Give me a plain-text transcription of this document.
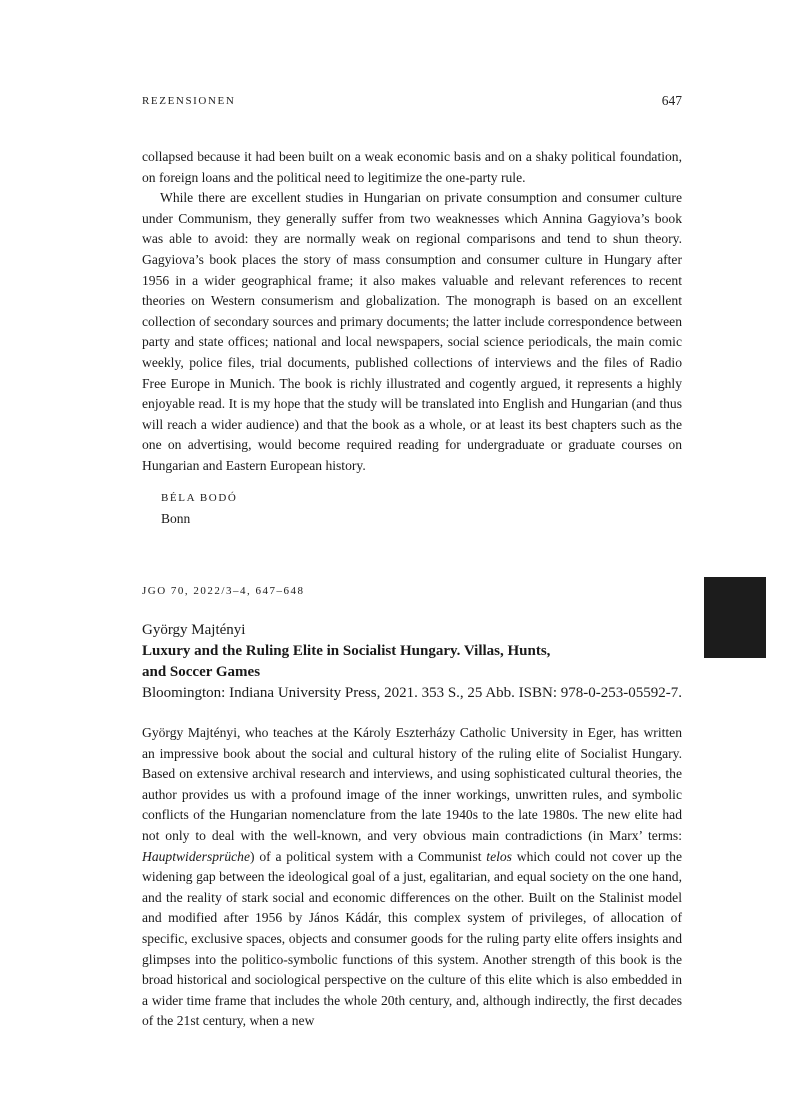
REZENSIONEN	647

collapsed because it had been built on a weak economic basis and on a shaky political foundation, on foreign loans and the political need to legitimize the one-party rule.

While there are excellent studies in Hungarian on private consumption and consumer culture under Communism, they generally suffer from two weaknesses which Annina Gagyiova’s book was able to avoid: they are normally weak on regional comparisons and tend to shun theory. Gagyiova’s book places the story of mass consumption and consumer culture in Hungary after 1956 in a wider geographical frame; it also makes valuable and relevant references to recent theories on Western consumerism and globalization. The monograph is based on an excellent collection of secondary sources and primary documents; the latter include correspondence between party and state offices; national and local newspapers, social science periodicals, the main comic weekly, police files, trial documents, published collections of interviews and the files of Radio Free Europe in Munich. The book is richly illustrated and cogently argued, it represents a highly enjoyable read. It is my hope that the study will be translated into English and Hungarian (and thus will reach a wider audience) and that the book as a whole, or at least its best chapters such as the one on advertising, would become required reading for undergraduate or graduate courses on Hungarian and Eastern European history.

BÉLA BODÓ
Bonn
JGO 70, 2022/3–4, 647–648
György Majtényi
Luxury and the Ruling Elite in Socialist Hungary. Villas, Hunts, and Soccer Games
Bloomington: Indiana University Press, 2021. 353 S., 25 Abb. ISBN: 978-0-253-05592-7.

György Majtényi, who teaches at the Károly Eszterházy Catholic University in Eger, has written an impressive book about the social and cultural history of the ruling elite of Socialist Hungary. Based on extensive archival research and interviews, and using sophisticated cultural theories, the author provides us with a profound image of the inner workings, unwritten rules, and symbolic conflicts of the Hungarian nomenclature from the late 1940s to the late 1980s. The new elite had not only to deal with the well-known, and very obvious main contradictions (in Marx’ terms: Hauptwidersprüche) of a political system with a Communist telos which could not cover up the widening gap between the ideological goal of a just, egalitarian, and equal society on the one hand, and the reality of stark social and economic differences on the other. Built on the Stalinist model and modified after 1956 by János Kádár, this complex system of privileges, of allocation of specific, exclusive spaces, objects and consumer goods for the ruling party elite offers insights and glimpses into the politico-symbolic functions of this system. Another strength of this book is the broad historical and sociological perspective on the culture of this elite which is also embedded in a wider time frame that includes the whole 20th century, and, although indirectly, the first decades of the 21st century, when a new
